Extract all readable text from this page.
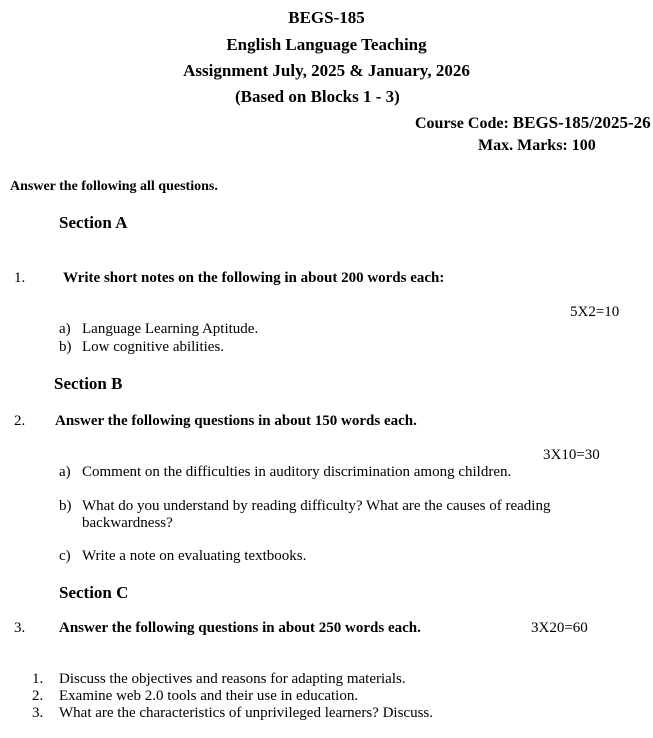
BEGS-185
English Language Teaching
Assignment July, 2025 & January, 2026
(Based on Blocks 1 - 3)
Course Code: BEGS-185/2025-26
Max. Marks: 100
Answer the following all questions.
Section A
1.	Write short notes on the following in about 200 words each:
5X2=10
a) Language Learning Aptitude.
b) Low cognitive abilities.
Section B
2. Answer the following questions in about 150 words each.
3X10=30
a) Comment on the difficulties in auditory discrimination among children.
b) What do you understand by reading difficulty? What are the causes of reading backwardness?
c) Write a note on evaluating textbooks.
Section C
3. Answer the following questions in about 250 words each.	3X20=60
1. Discuss the objectives and reasons for adapting materials.
2. Examine web 2.0 tools and their use in education.
3. What are the characteristics of unprivileged learners? Discuss.
